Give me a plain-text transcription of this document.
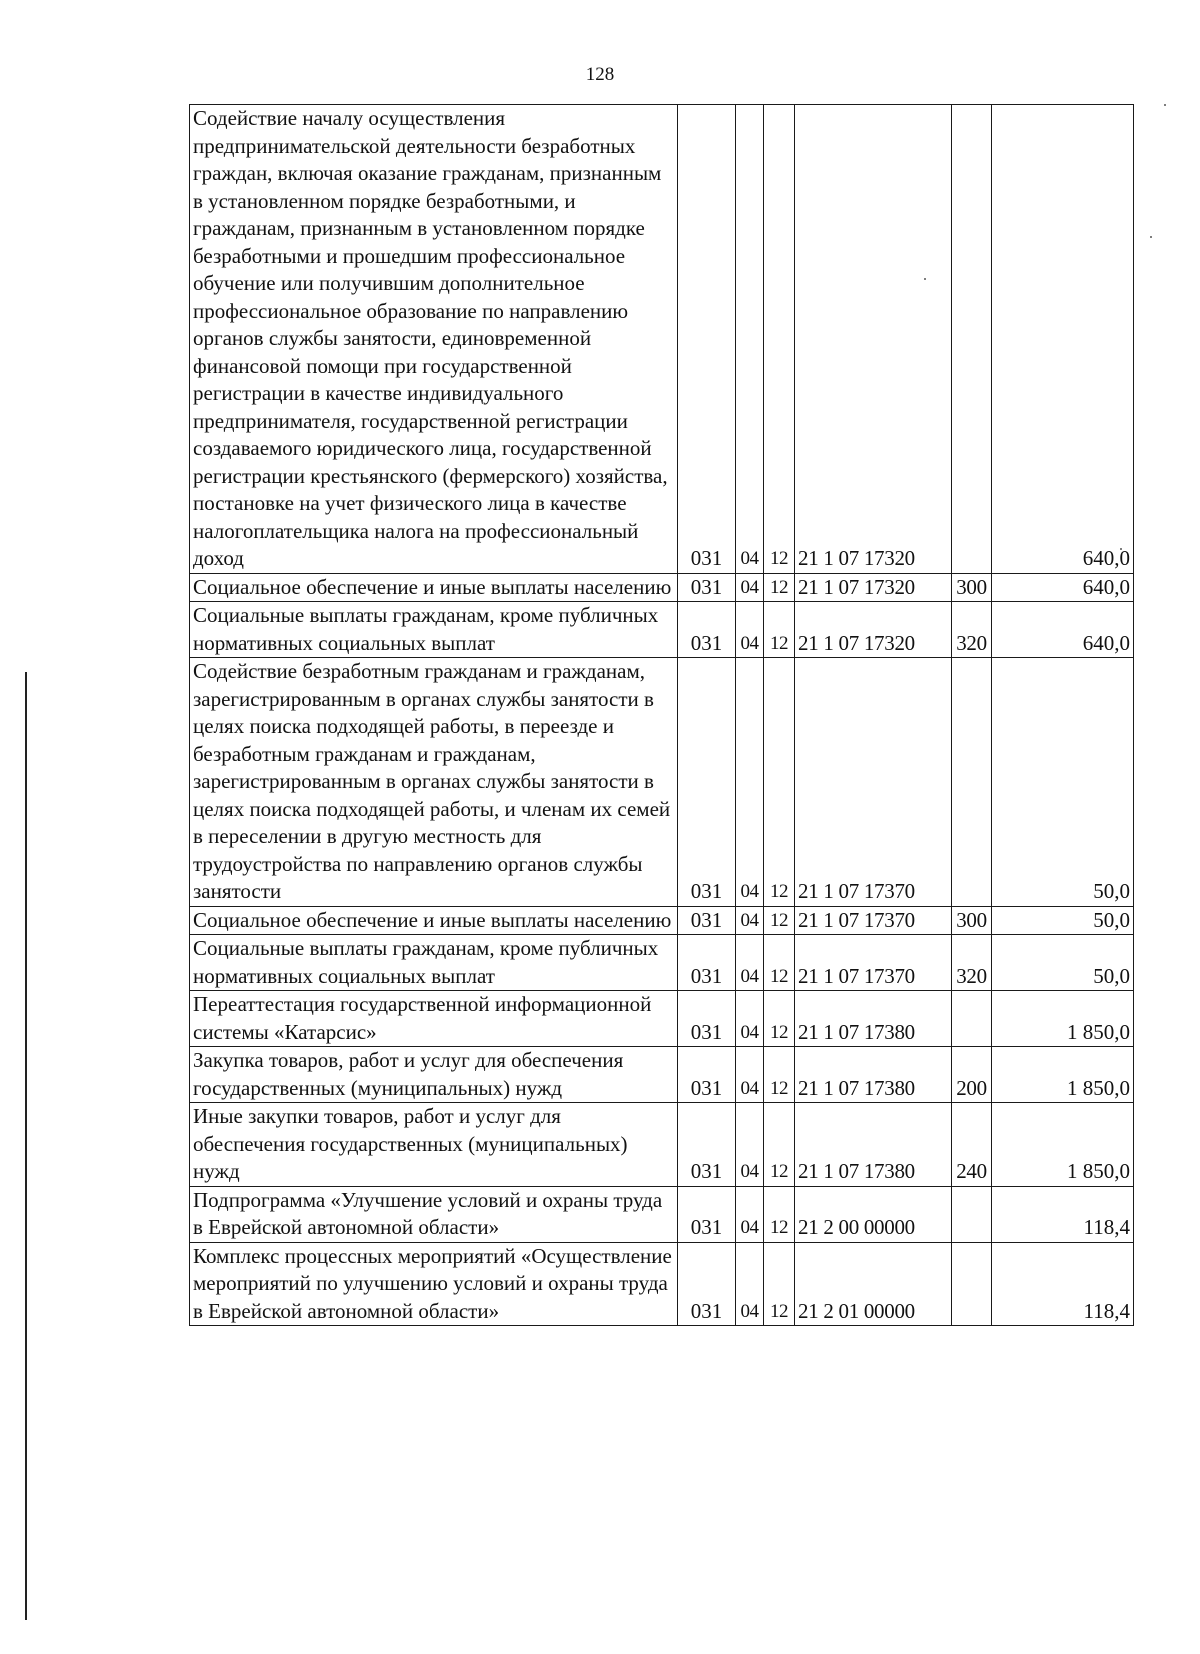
128
Содействие началу осуществления предпринимательской деятельности безработных граждан, включая оказание гражданам, признанным в установленном порядке безработными, и гражданам, признанным в установленном порядке безработными и прошедшим профессиональное обучение или получившим дополнительное профессиональное образование по направлению органов службы занятости, единовременной финансовой помощи при государственной регистрации в качестве индивидуального предпринимателя, государственной регистрации создаваемого юридического лица, государственной регистрации крестьянского (фермерского) хозяйства, постановке на учет физического лица в качестве налогоплательщика налога на профессиональный доход	031	04	12	21 1 07 17320		640,0
Социальное обеспечение и иные выплаты населению	031	04	12	21 1 07 17320	300	640,0
Социальные выплаты гражданам, кроме публичных нормативных социальных выплат	031	04	12	21 1 07 17320	320	640,0
Содействие безработным гражданам и гражданам, зарегистрированным в органах службы занятости в целях поиска подходящей работы, в переезде и безработным гражданам и гражданам, зарегистрированным в органах службы занятости в целях поиска подходящей работы, и членам их семей в переселении в другую местность для трудоустройства по направлению органов службы занятости	031	04	12	21 1 07 17370		50,0
Социальное обеспечение и иные выплаты населению	031	04	12	21 1 07 17370	300	50,0
Социальные выплаты гражданам, кроме публичных нормативных социальных выплат	031	04	12	21 1 07 17370	320	50,0
Переаттестация государственной информационной системы «Катарсис»	031	04	12	21 1 07 17380		1 850,0
Закупка товаров, работ и услуг для обеспечения государственных (муниципальных) нужд	031	04	12	21 1 07 17380	200	1 850,0
Иные закупки товаров, работ и услуг для обеспечения государственных (муниципальных) нужд	031	04	12	21 1 07 17380	240	1 850,0
Подпрограмма «Улучшение условий и охраны труда в Еврейской автономной области»	031	04	12	21 2 00 00000		118,4
Комплекс процессных мероприятий «Осуществление мероприятий по улучшению условий и охраны труда в Еврейской автономной области»	031	04	12	21 2 01 00000		118,4
